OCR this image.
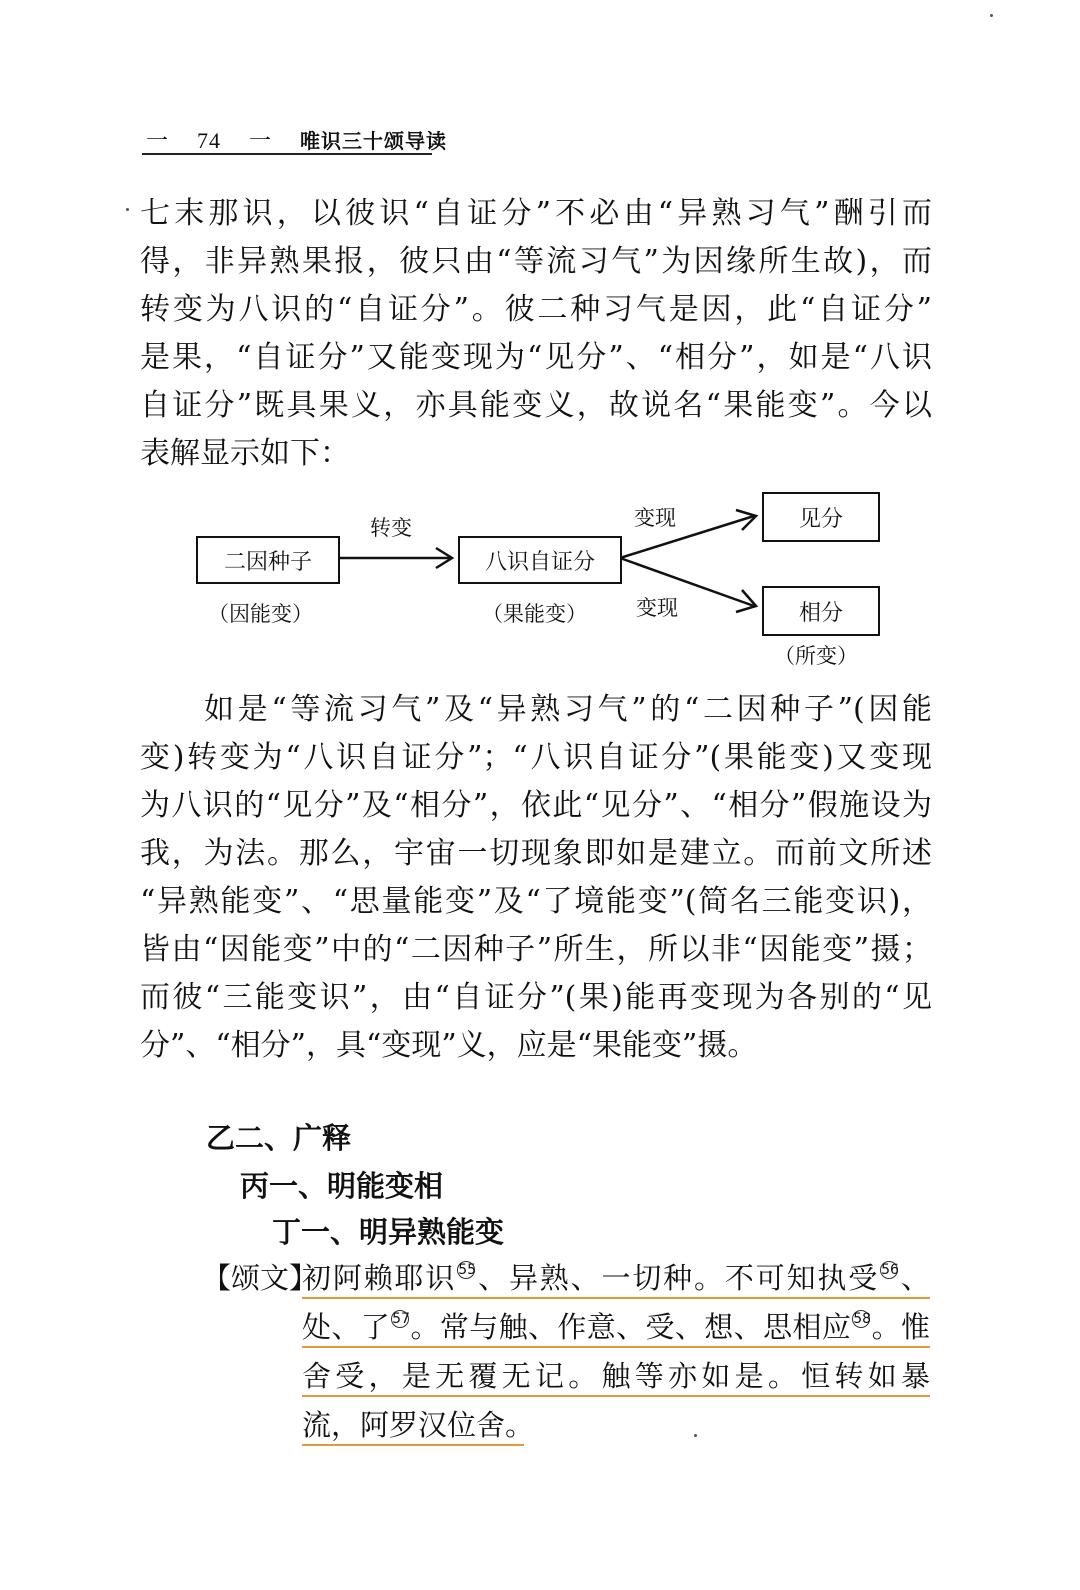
一 74 一 唯识三十颂导读
七​末​那​识​，​以​彼​识​“​自​证​分​”​不​必​由​“​异​熟​习​气​”​酬​引​而
得​，​非​异​熟​果​报​，​彼​只​由​“​等​流​习​气​”​为​因​缘​所​生​故​)​，​而
转​变​为​八​识​的​“​自​证​分​”​。​彼​二​种​习​气​是​因​，​此​“​自​证​分​”
是​果​，​“​自​证​分​”​又​能​变​现​为​“​见​分​”​、​“​相​分​”​，​如​是​“​八​识
自​证​分​”​既​具​果​义​，​亦​具​能​变​义​，​故​说​名​“​果​能​变​”​。​今​以
表​解​显​示​如​下​：
二因种子
（因能变）
转变
八识自证分
（果能变）
变现
变现
见分
相分
（所变）
如​是​“​等​流​习​气​”​及​“​异​熟​习​气​”​的​“​二​因​种​子​”​(​因​能
变​)​转​变​为​“​八​识​自​证​分​”​；​“​八​识​自​证​分​”​(​果​能​变​)​又​变​现
为​八​识​的​“​见​分​”​及​“​相​分​”​，​依​此​“​见​分​”​、​“​相​分​”​假​施​设​为
我​，​为​法​。​那​么​，​宇​宙​一​切​现​象​即​如​是​建​立​。​而​前​文​所​述
“​异​熟​能​变​”​、​“​思​量​能​变​”​及​“​了​境​能​变​”​(​简​名​三​能​变​识​)​，
皆​由​“​因​能​变​”​中​的​“​二​因​种​子​”​所​生​，​所​以​非​“​因​能​变​”​摄​；
而​彼​“​三​能​变​识​”​，​由​“​自​证​分​”​(​果​)​能​再​变​现​为​各​别​的​“​见
分​”​、​“​相​分​”​，​具​“​变​现​”​义​，​应​是​“​果​能​变​”​摄​。
乙二、广释
丙一、明能变相
丁一、明异熟能变
【颂文】
初​阿​赖​耶​识 $^{55}$、​异​熟​、​一​切​种​。​不​可​知​执​受 $^{56}$、
处​、​了 $^{57}$。​常​与​触​、​作​意​、​受​、​想​、​思​相​应 $^{58}$。​惟
舍​受​，​是​无​覆​无​记​。​触​等​亦​如​是​。​恒​转​如​暴
流​，​阿​罗​汉​位​舍​。
